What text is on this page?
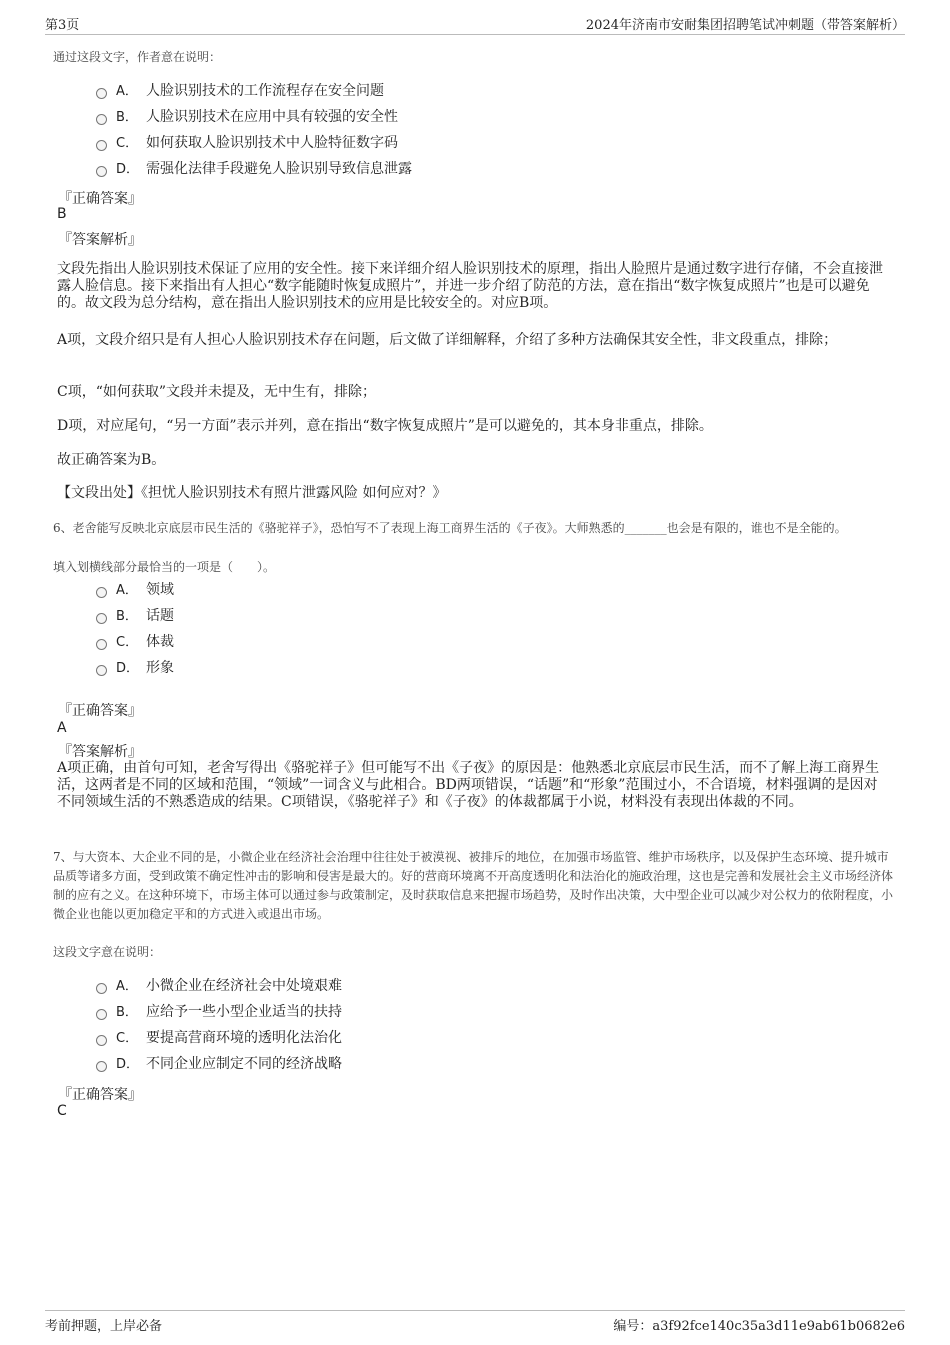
第3页	2024年济南市安耐集团招聘笔试冲刺题（带答案解析）
通过这段文字，作者意在说明：
A． 人脸识别技术的工作流程存在安全问题
B． 人脸识别技术在应用中具有较强的安全性
C． 如何获取人脸识别技术中人脸特征数字码
D． 需强化法律手段避免人脸识别导致信息泄露
『正确答案』
B
『答案解析』
文段先指出人脸识别技术保证了应用的安全性。接下来详细介绍人脸识别技术的原理，指出人脸照片是通过数字进行存储，不会直接泄露人脸信息。接下来指出有人担心“数字能随时恢复成照片”，并进一步介绍了防范的方法，意在指出“数字恢复成照片”也是可以避免的。故文段为总分结构，意在指出人脸识别技术的应用是比较安全的。对应B项。
A项，文段介绍只是有人担心人脸识别技术存在问题，后文做了详细解释，介绍了多种方法确保其安全性，非文段重点，排除；
C项，“如何获取”文段并未提及，无中生有，排除；
D项，对应尾句，“另一方面”表示并列，意在指出“数字恢复成照片”是可以避免的，其本身非重点，排除。
故正确答案为B。
【文段出处】《担忧人脸识别技术有照片泄露风险 如何应对？》
6、老舍能写反映北京底层市民生活的《骆驼祥子》，恐怕写不了表现上海工商界生活的《子夜》。大师熟悉的_______也会是有限的，谁也不是全能的。
填入划横线部分最恰当的一项是（　　）。
A． 领域
B． 话题
C． 体裁
D． 形象
『正确答案』
A
『答案解析』
A项正确，由首句可知，老舍写得出《骆驼祥子》但可能写不出《子夜》的原因是：他熟悉北京底层市民生活，而不了解上海工商界生活，这两者是不同的区域和范围，“领域”一词含义与此相合。BD两项错误，“话题”和“形象”范围过小，不合语境，材料强调的是因对不同领域生活的不熟悉造成的结果。C项错误，《骆驼祥子》和《子夜》的体裁都属于小说，材料没有表现出体裁的不同。
7、与大资本、大企业不同的是，小微企业在经济社会治理中往往处于被漠视、被排斥的地位，在加强市场监管、维护市场秩序，以及保护生态环境、提升城市品质等诸多方面，受到政策不确定性冲击的影响和侵害是最大的。好的营商环境离不开高度透明化和法治化的施政治理，这也是完善和发展社会主义市场经济体制的应有之义。在这种环境下，市场主体可以通过参与政策制定，及时获取信息来把握市场趋势，及时作出决策，大中型企业可以减少对公权力的依附程度，小微企业也能以更加稳定平和的方式进入或退出市场。
这段文字意在说明：
A． 小微企业在经济社会中处境艰难
B． 应给予一些小型企业适当的扶持
C． 要提高营商环境的透明化法治化
D． 不同企业应制定不同的经济战略
『正确答案』
C
考前押题，上岸必备	编号：a3f92fce140c35a3d11e9ab61b0682e6
